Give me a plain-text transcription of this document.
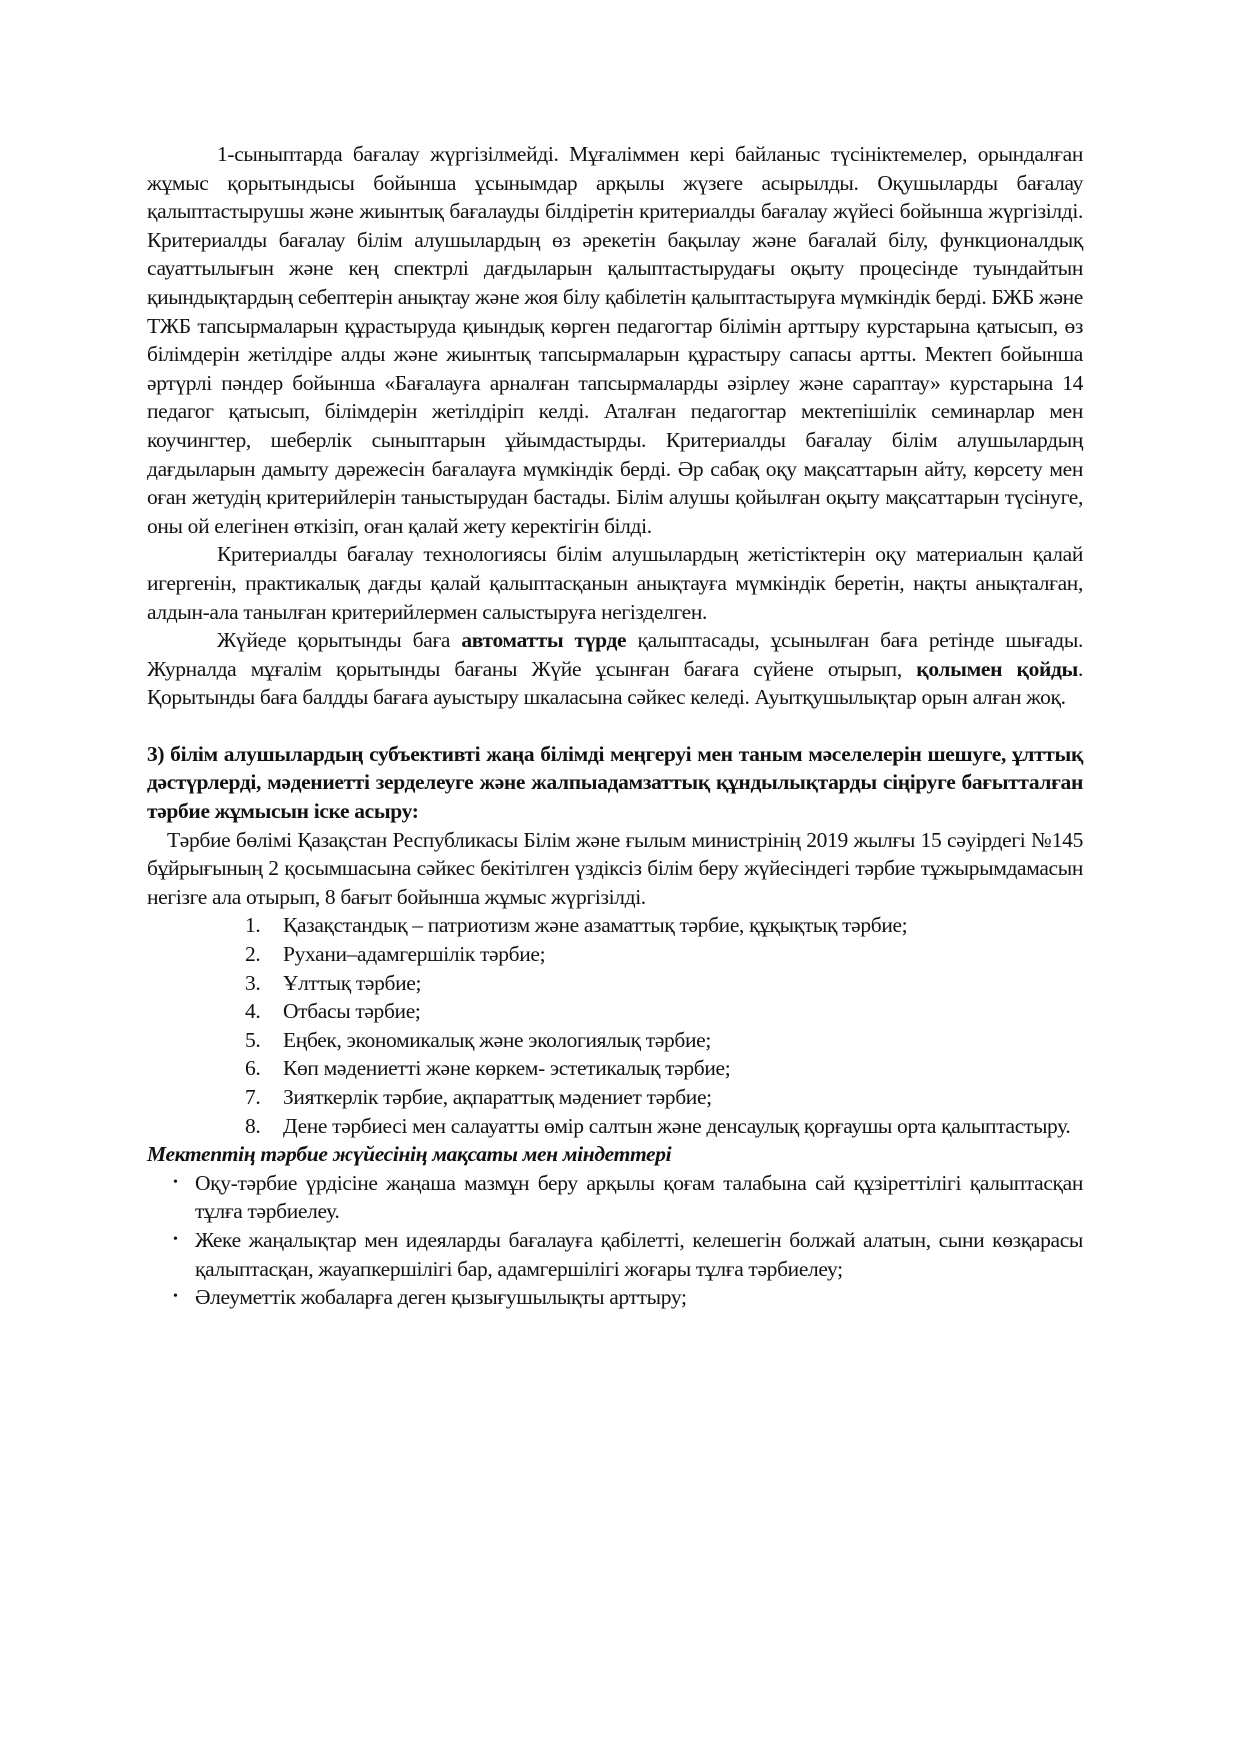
1-сыныптарда бағалау жүргізілмейді. Мұғаліммен кері байланыс түсініктемелер, орындалған жұмыс қорытындысы бойынша ұсынымдар арқылы жүзеге асырылды. Оқушыларды бағалау қалыптастырушы және жиынтық бағалауды білдіретін критериалды бағалау жүйесі бойынша жүргізілді. Критериалды бағалау білім алушылардың өз әрекетін бақылау және бағалай білу, функционалдық сауаттылығын және кең спектрлі дағдыларын қалыптастырудағы оқыту процесінде туындайтын қиындықтардың себептерін анықтау және жоя білу қабілетін қалыптастыруға мүмкіндік берді. БЖБ және ТЖБ тапсырмаларын құрастыруда қиындық көрген педагогтар білімін арттыру курстарына қатысып, өз білімдерін жетілдіре алды және жиынтық тапсырмаларын құрастыру сапасы артты. Мектеп бойынша әртүрлі пәндер бойынша «Бағалауға арналған тапсырмаларды әзірлеу және сараптау» курстарына 14 педагог қатысып, білімдерін жетілдіріп келді. Аталған педагогтар мектепішілік семинарлар мен коучингтер, шеберлік сыныптарын ұйымдастырды. Критериалды бағалау білім алушылардың дағдыларын дамыту дәрежесін бағалауға мүмкіндік берді. Әр сабақ оқу мақсаттарын айту, көрсету мен оған жетудің критерийлерін таныстырудан бастады. Білім алушы қойылған оқыту мақсаттарын түсінуге, оны ой елегінен өткізіп, оған қалай жету керектігін білді.

Критериалды бағалау технологиясы білім алушылардың жетістіктерін оқу материалын қалай игергенін, практикалық дағды қалай қалыптасқанын анықтауға мүмкіндік беретін, нақты анықталған, алдын-ала танылған критерийлермен салыстыруға негізделген.

Жүйеде қорытынды баға автоматты түрде қалыптасады, ұсынылған баға ретінде шығады. Журналда мұғалім қорытынды бағаны Жүйе ұсынған бағаға сүйене отырып, қолымен қойды. Қорытынды баға балдды бағаға ауыстыру шкаласына сәйкес келеді. Ауытқушылықтар орын алған жоқ.

3) білім алушылардың субъективті жаңа білімді меңгеруі мен таным мәселелерін шешуге, ұлттық дәстүрлерді, мәдениетті зерделеуге және жалпыадамзаттық құндылықтарды сіңіруге бағытталған тәрбие жұмысын іске асыру:

Тәрбие бөлімі Қазақстан Республикасы Білім және ғылым министрінің 2019 жылғы 15 сәуірдегі №145 бұйрығының 2 қосымшасына сәйкес бекітілген үздіксіз білім беру жүйесіндегі тәрбие тұжырымдамасын негізге ала отырып, 8 бағыт бойынша жұмыс жүргізілді.

1. Қазақстандық – патриотизм және азаматтық тәрбие, құқықтық тәрбие;
2. Рухани–адамгершілік тәрбие;
3. Ұлттық тәрбие;
4. Отбасы тәрбие;
5. Еңбек, экономикалық және экологиялық тәрбие;
6. Көп мәдениетті және көркем- эстетикалық тәрбие;
7. Зияткерлік тәрбие, ақпараттық мәдениет тәрбие;
8. Дене тәрбиесі мен салауатты өмір салтын және денсаулық қорғаушы орта қалыптастыру.

Мектептің тәрбие жүйесінің мақсаты мен міндеттері

• Оқу-тәрбие үрдісіне жаңаша мазмұн беру арқылы қоғам талабына сай құзіреттілігі қалыптасқан тұлға тәрбиелеу.
• Жеке жаңалықтар мен идеяларды бағалауға қабілетті, келешегін болжай алатын, сыни көзқарасы қалыптасқан, жауапкершілігі бар, адамгершілігі жоғары тұлға тәрбиелеу;
• Әлеуметтік жобаларға деген қызығушылықты арттыру;
